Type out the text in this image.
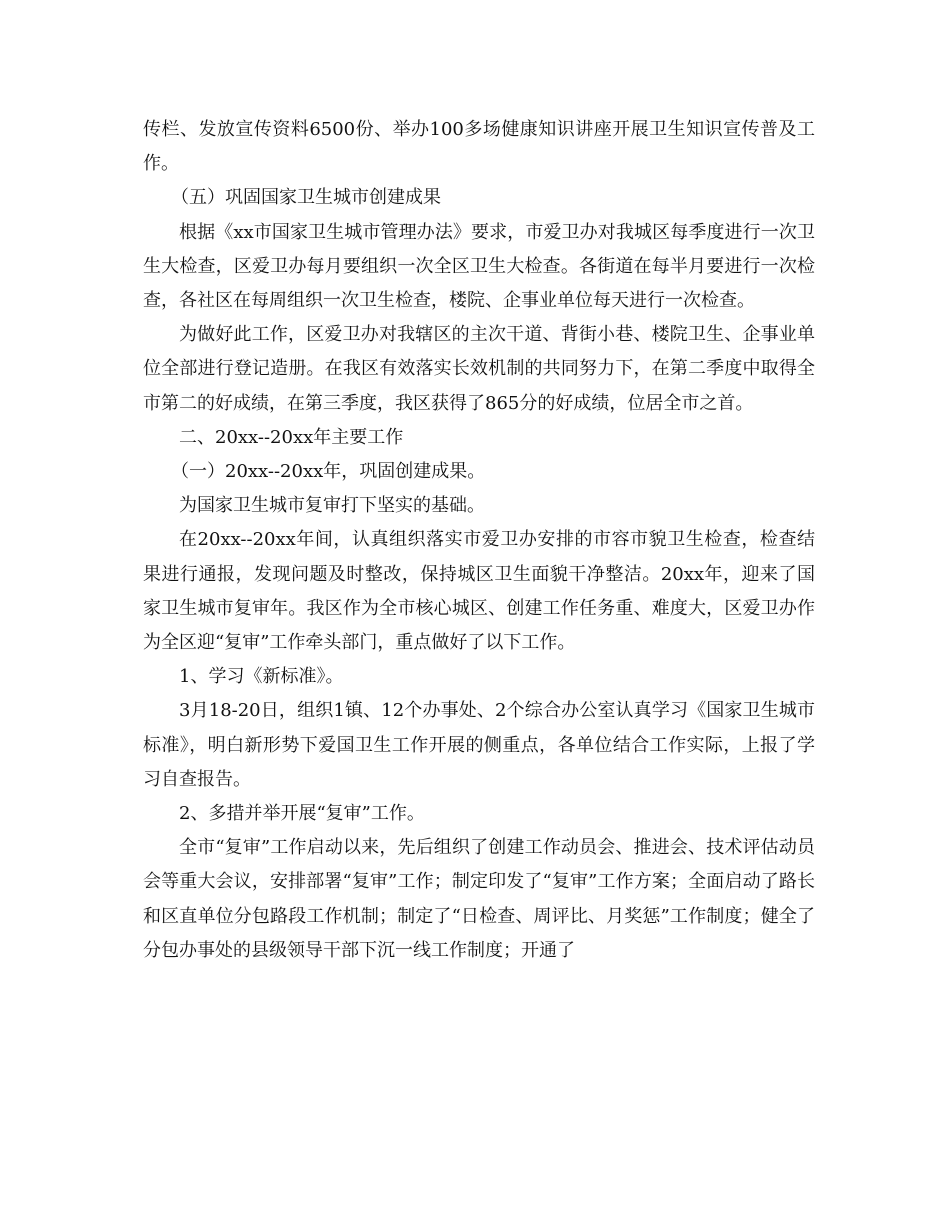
传栏、发放宣传资料6500份、举办100多场健康知识讲座开展卫生知识宣传普及工作。

（五）巩固国家卫生城市创建成果

根据《xx市国家卫生城市管理办法》要求，市爱卫办对我城区每季度进行一次卫生大检查，区爱卫办每月要组织一次全区卫生大检查。各街道在每半月要进行一次检查，各社区在每周组织一次卫生检查，楼院、企事业单位每天进行一次检查。

为做好此工作，区爱卫办对我辖区的主次干道、背街小巷、楼院卫生、企事业单位全部进行登记造册。在我区有效落实长效机制的共同努力下，在第二季度中取得全市第二的好成绩，在第三季度，我区获得了865分的好成绩，位居全市之首。

二、20xx--20xx年主要工作

（一）20xx--20xx年，巩固创建成果。

为国家卫生城市复审打下坚实的基础。

在20xx--20xx年间，认真组织落实市爱卫办安排的市容市貌卫生检查，检查结果进行通报，发现问题及时整改，保持城区卫生面貌干净整洁。20xx年，迎来了国家卫生城市复审年。我区作为全市核心城区、创建工作任务重、难度大，区爱卫办作为全区迎“复审”工作牵头部门，重点做好了以下工作。

1、学习《新标准》。

3月18-20日，组织1镇、12个办事处、2个综合办公室认真学习《国家卫生城市标准》，明白新形势下爱国卫生工作开展的侧重点，各单位结合工作实际，上报了学习自查报告。

2、多措并举开展“复审”工作。

全市“复审”工作启动以来，先后组织了创建工作动员会、推进会、技术评估动员会等重大会议，安排部署“复审”工作；制定印发了“复审”工作方案；全面启动了路长和区直单位分包路段工作机制；制定了“日检查、周评比、月奖惩”工作制度；健全了分包办事处的县级领导干部下沉一线工作制度；开通了
